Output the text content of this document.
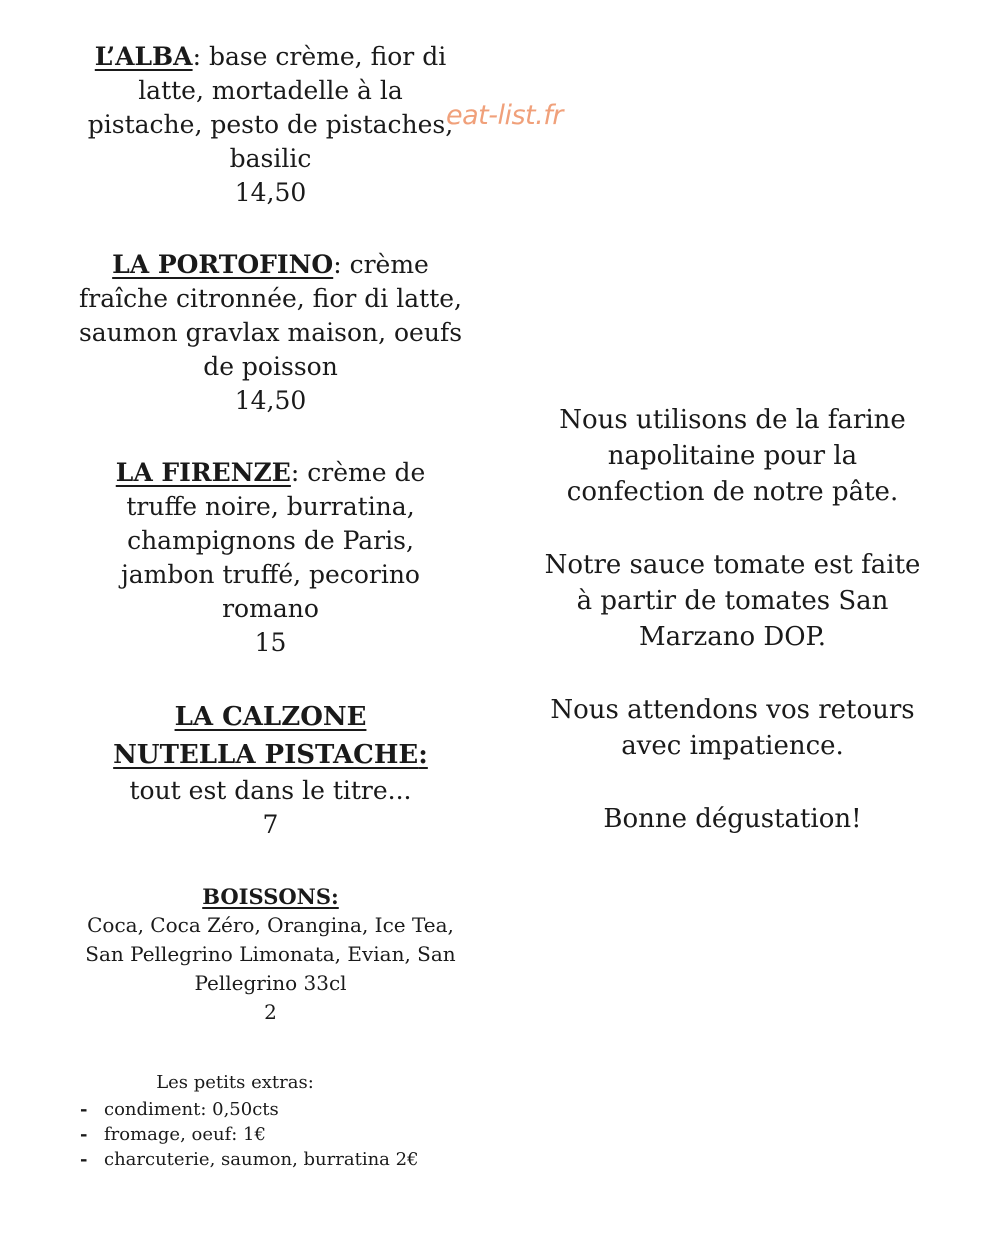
eat-list.fr
L’ALBA: base crème, fior di latte, mortadelle à la pistache, pesto de pistaches, basilic
14,50
LA PORTOFINO: crème fraîche citronnée, fior di latte, saumon gravlax maison, oeufs de poisson
14,50
LA FIRENZE: crème de truffe noire, burratina, champignons de Paris, jambon truffé, pecorino romano
15
LA CALZONE
NUTELLA PISTACHE:
tout est dans le titre...
7
BOISSONS:
Coca, Coca Zéro, Orangina, Ice Tea, San Pellegrino Limonata, Evian, San Pellegrino 33cl
2
Les petits extras:
- condiment: 0,50cts
- fromage, oeuf: 1€
- charcuterie, saumon, burratina 2€

Nous utilisons de la farine napolitaine pour la confection de notre pâte.

Notre sauce tomate est faite à partir de tomates San Marzano DOP.

Nous attendons vos retours avec impatience.

Bonne dégustation!
